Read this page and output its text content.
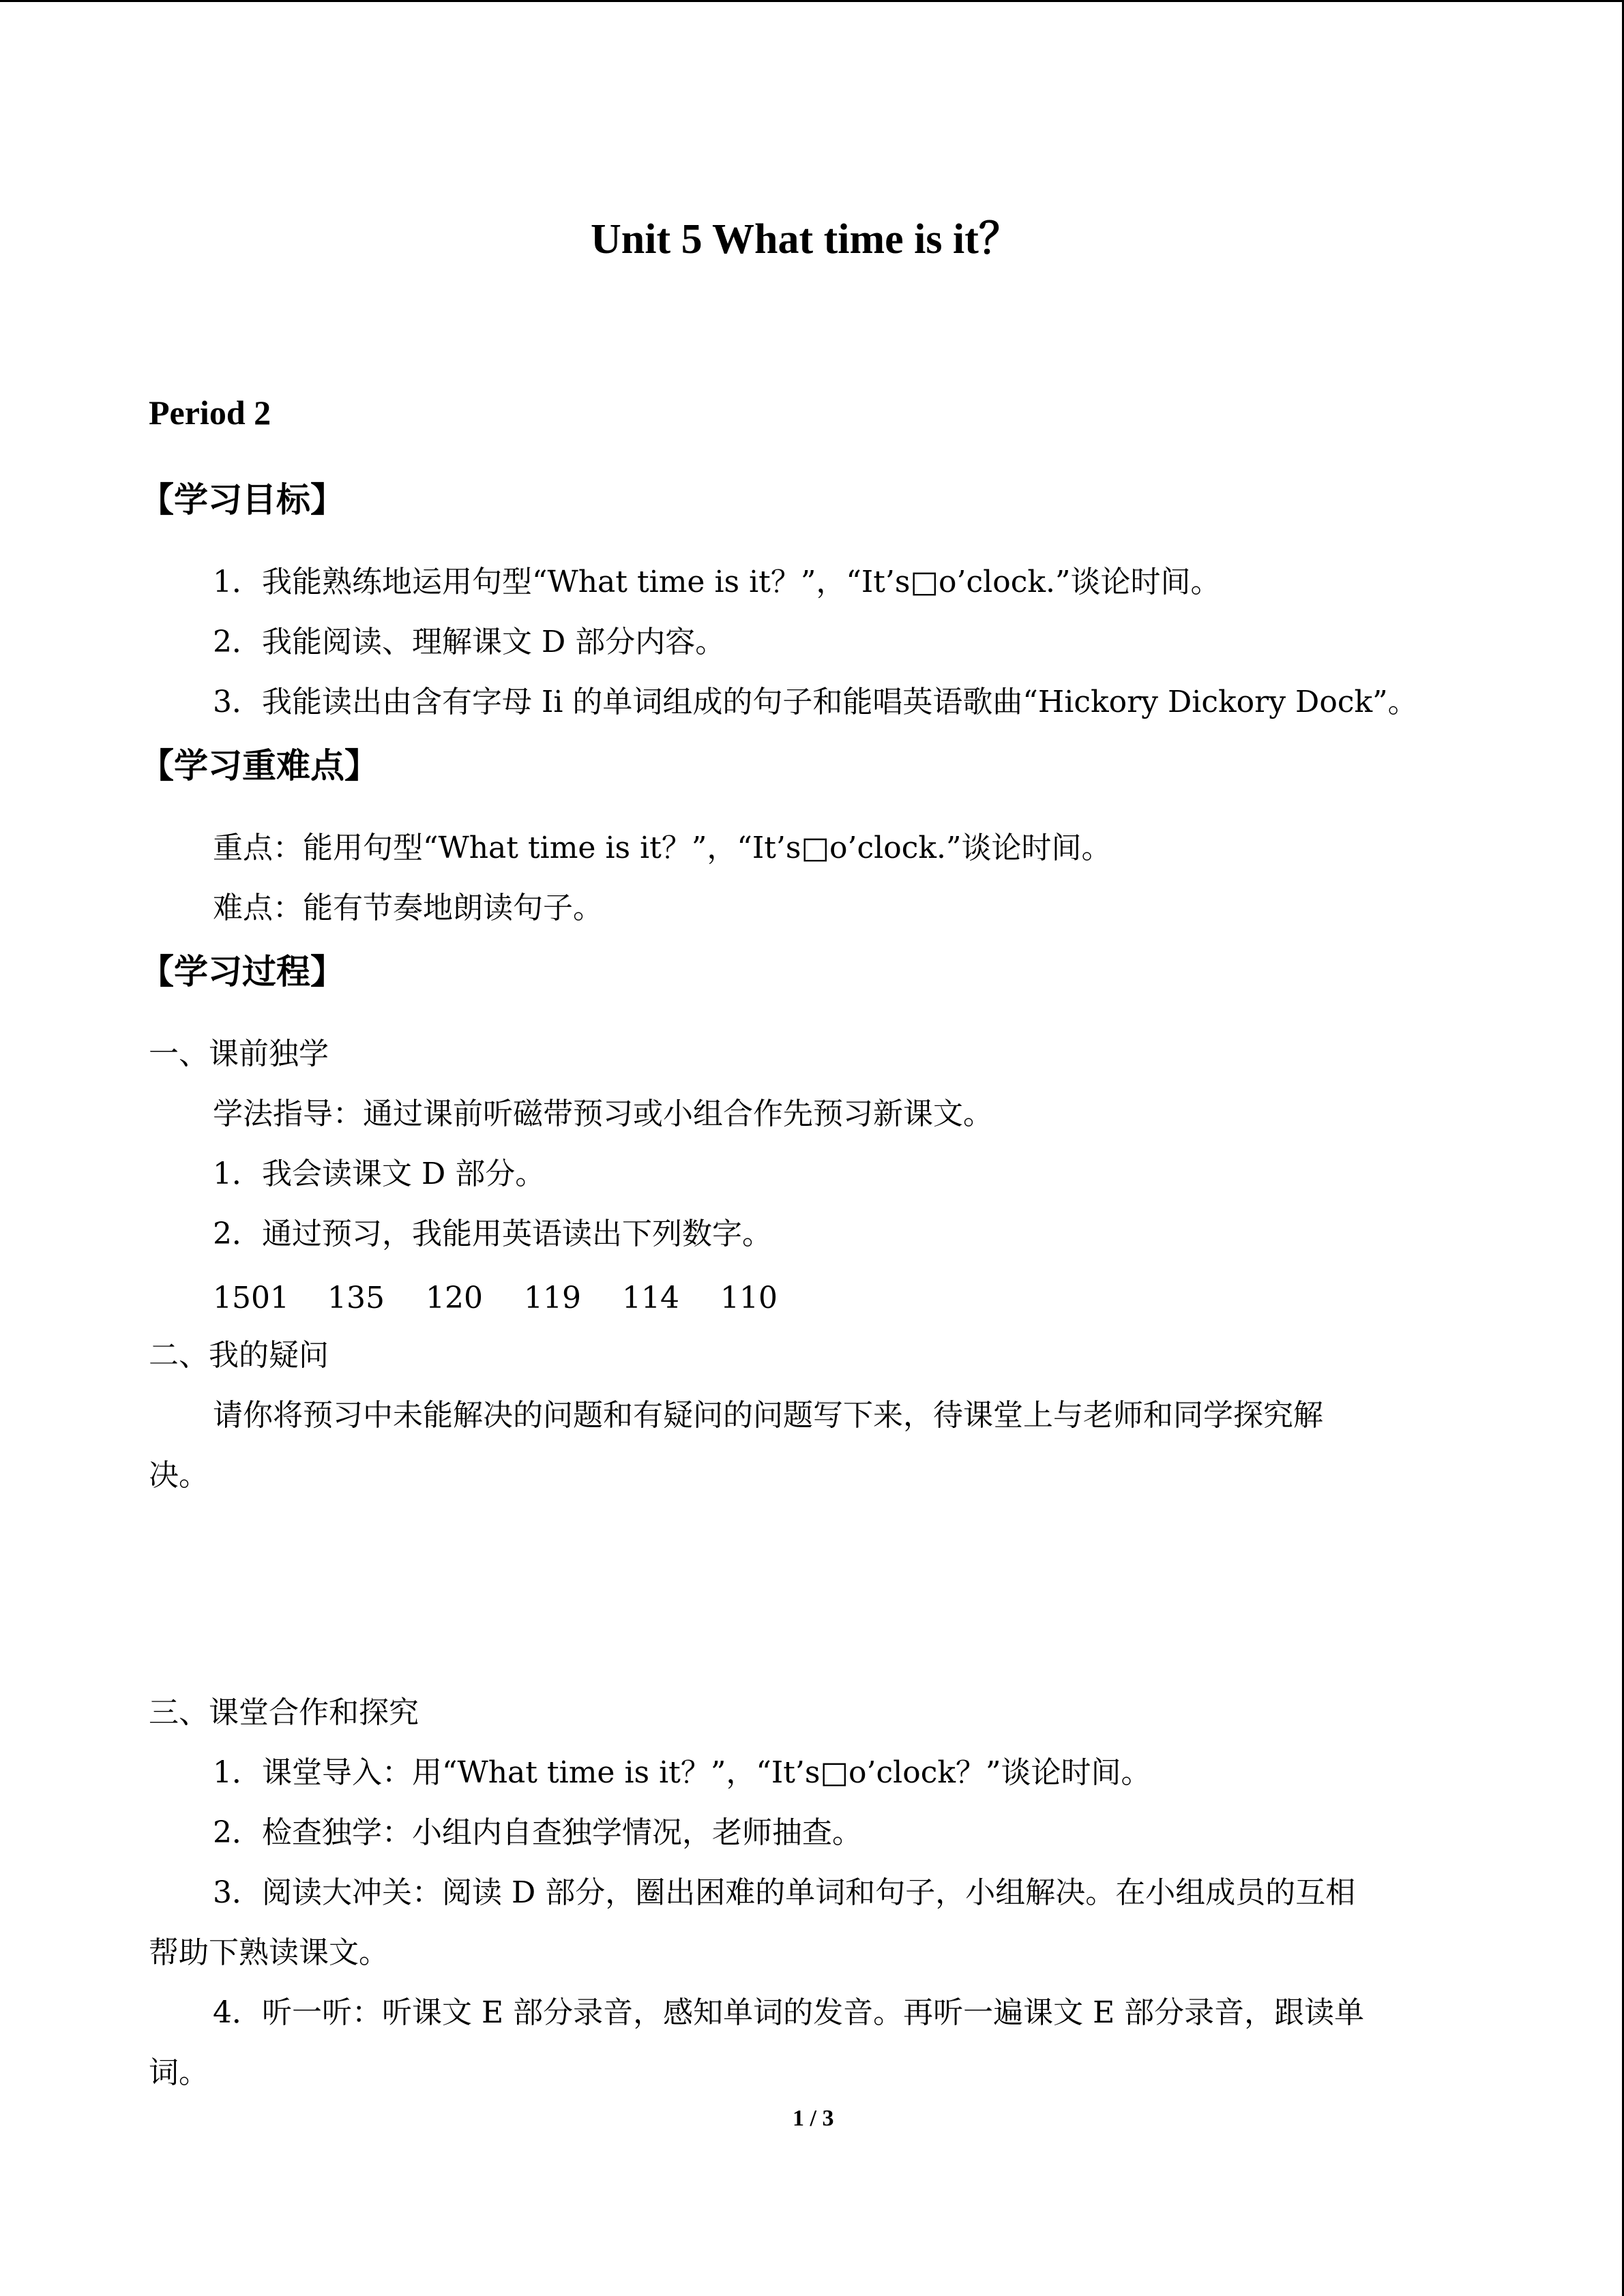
Unit 5 What time is it？
Period 2
【学习目标】
1．我能熟练地运用句型“What time is it？”，“It’s□o’clock.”谈论时间。
2．我能阅读、理解课文 D 部分内容。
3．我能读出由含有字母 Ii 的单词组成的句子和能唱英语歌曲“Hickory Dickory Dock”。
【学习重难点】
重点：能用句型“What time is it？”，“It’s□o’clock.”谈论时间。
难点：能有节奏地朗读句子。
【学习过程】
一、课前独学
学法指导：通过课前听磁带预习或小组合作先预习新课文。
1．我会读课文 D 部分。
2．通过预习，我能用英语读出下列数字。
1501 135 120 119 114 110
二、我的疑问
请你将预习中未能解决的问题和有疑问的问题写下来，待课堂上与老师和同学探究解
决。
三、课堂合作和探究
1．课堂导入：用“What time is it？”，“It’s□o’clock？”谈论时间。
2．检查独学：小组内自查独学情况，老师抽查。
3．阅读大冲关：阅读 D 部分，圈出困难的单词和句子，小组解决。在小组成员的互相
帮助下熟读课文。
4．听一听：听课文 E 部分录音，感知单词的发音。再听一遍课文 E 部分录音，跟读单
词。
1 / 3
